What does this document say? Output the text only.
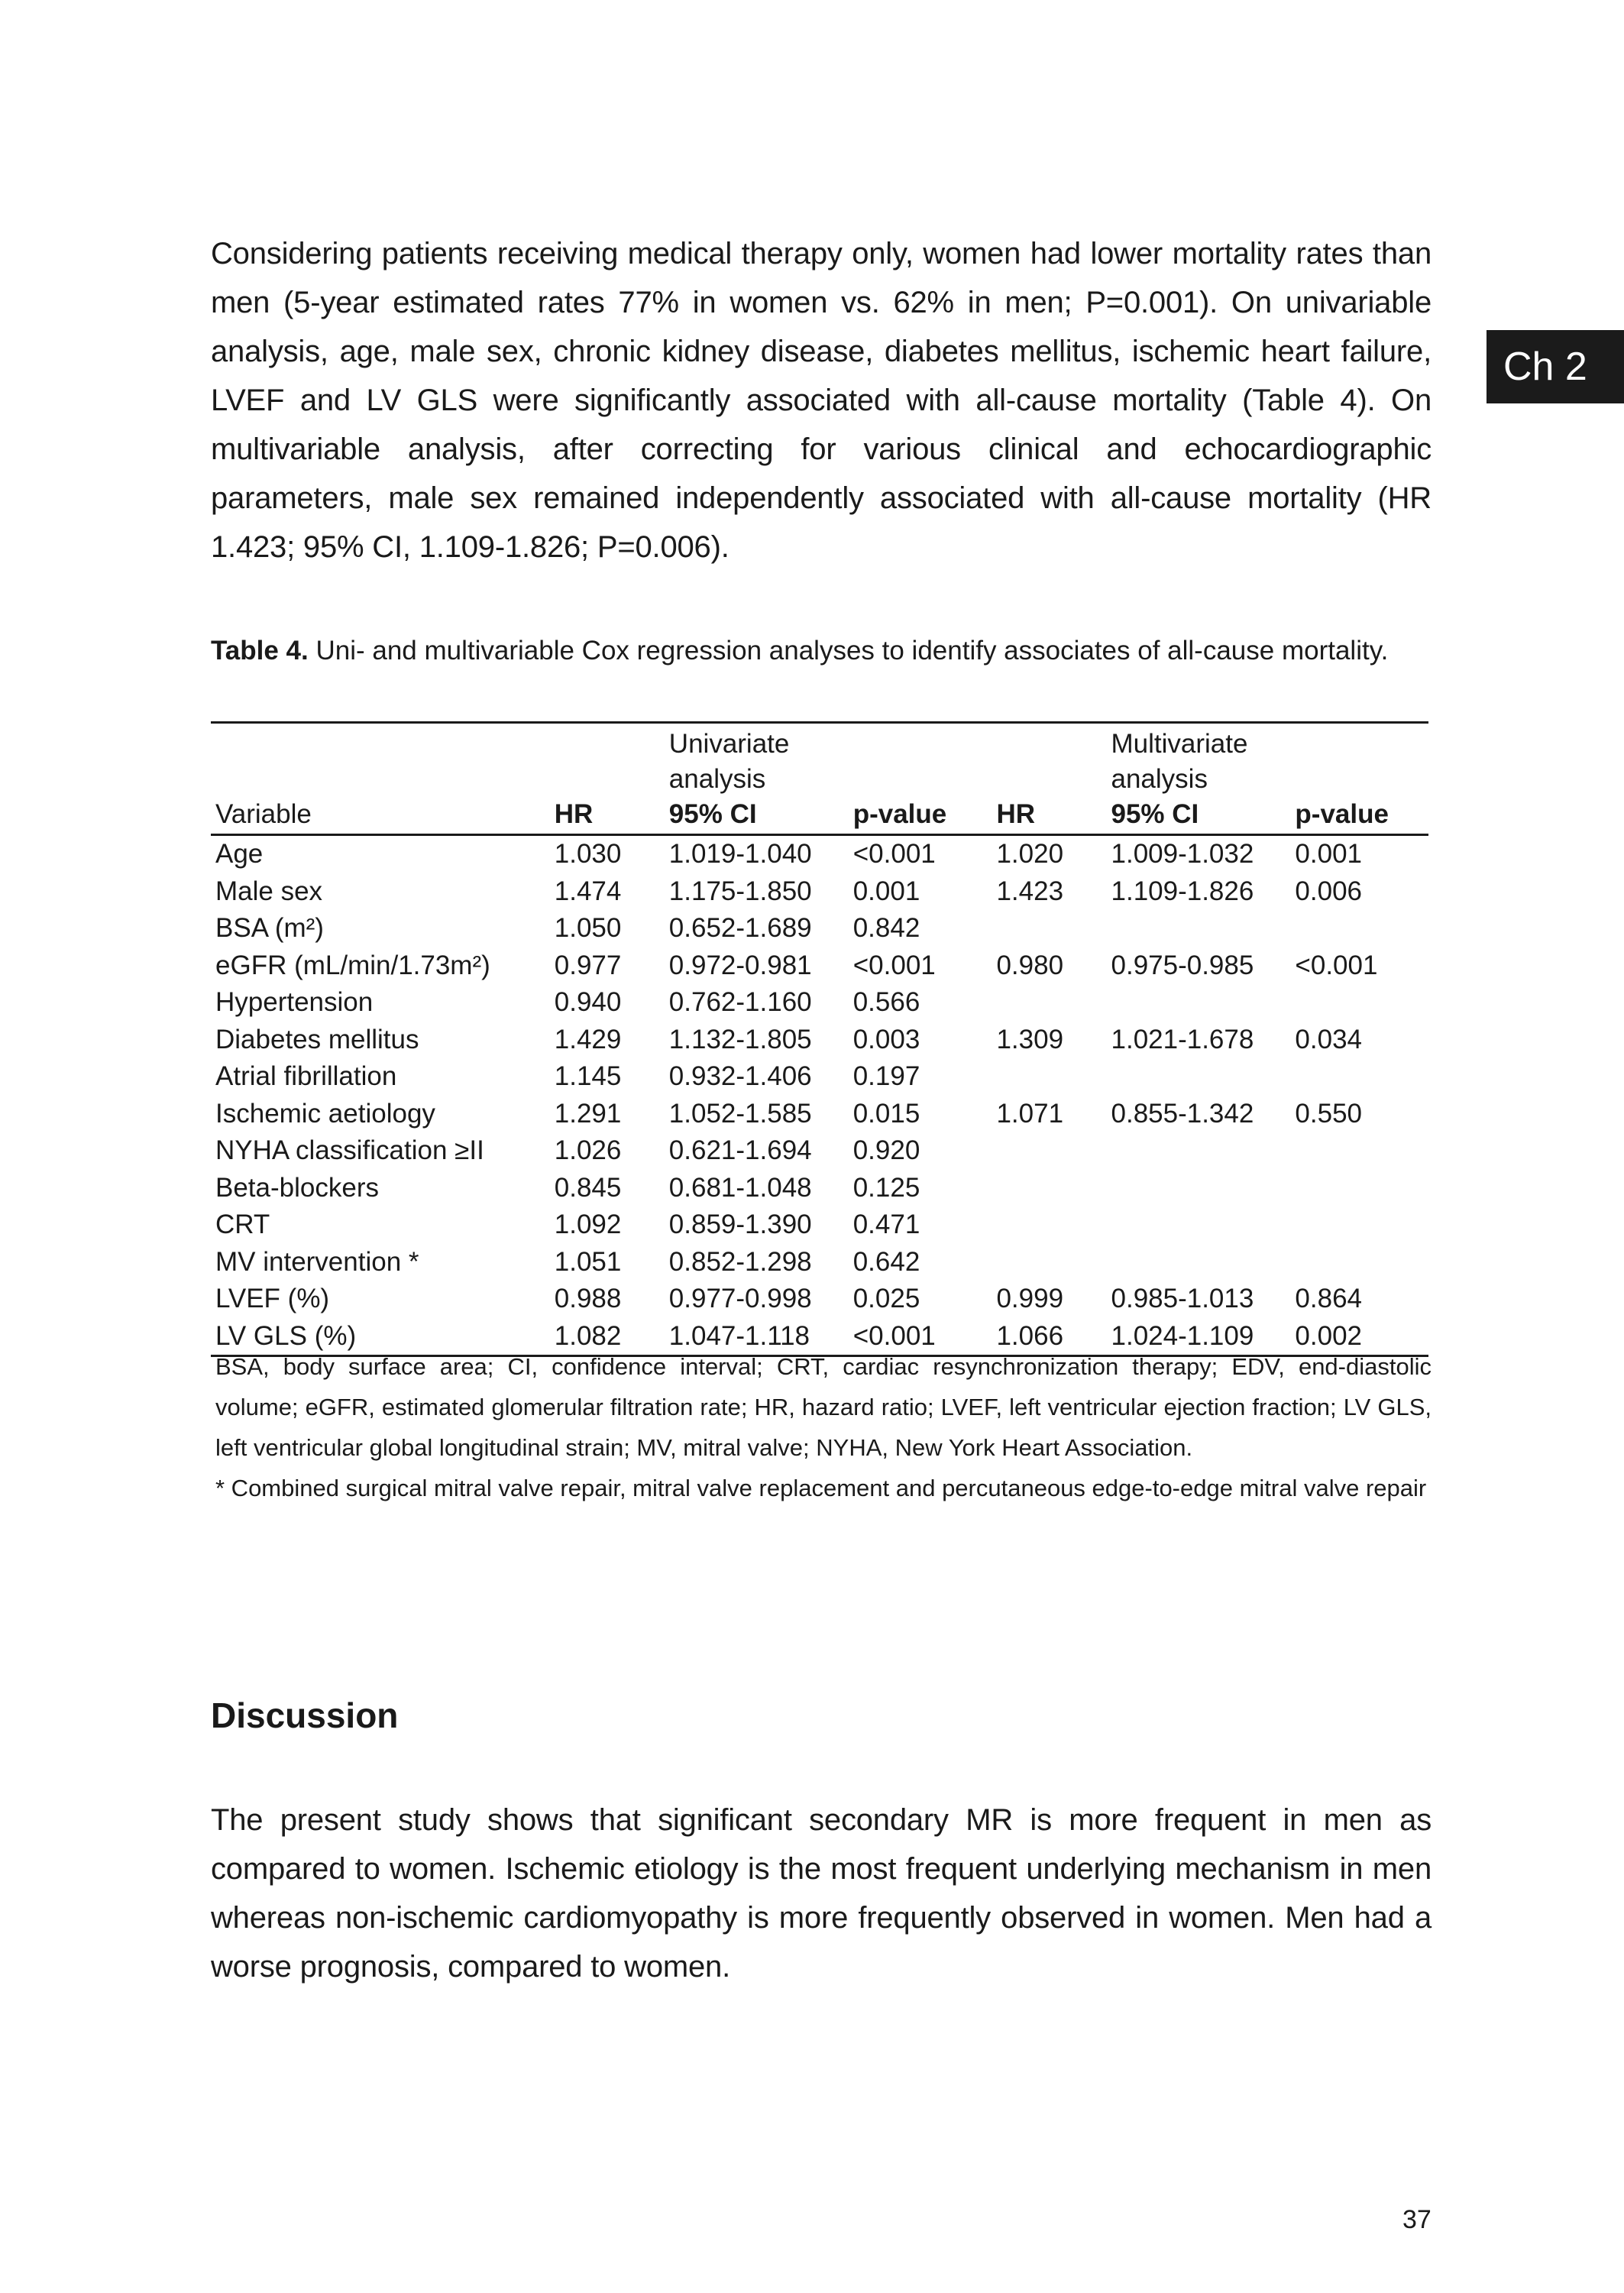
Considering patients receiving medical therapy only, women had lower mortality rates than men (5-year estimated rates 77% in women vs. 62% in men; P=0.001). On univariable analysis, age, male sex, chronic kidney disease, diabetes mellitus, ischemic heart failure, LVEF and LV GLS were significantly associated with all-cause mortality (Table 4). On multivariable analysis, after correcting for various clinical and echocardiographic parameters, male sex remained independently associated with all-cause mortality (HR 1.423; 95% CI, 1.109-1.826; P=0.006).

Ch 2

Table 4. Uni- and multivariable Cox regression analyses to identify associates of all-cause mortality.

		Univariate analysis			Multivariate analysis	
Variable	HR	95% CI	p-value	HR	95% CI	p-value
Age	1.030	1.019-1.040	<0.001	1.020	1.009-1.032	0.001
Male sex	1.474	1.175-1.850	0.001	1.423	1.109-1.826	0.006
BSA (m²)	1.050	0.652-1.689	0.842			
eGFR (mL/min/1.73m²)	0.977	0.972-0.981	<0.001	0.980	0.975-0.985	<0.001
Hypertension	0.940	0.762-1.160	0.566			
Diabetes mellitus	1.429	1.132-1.805	0.003	1.309	1.021-1.678	0.034
Atrial fibrillation	1.145	0.932-1.406	0.197			
Ischemic aetiology	1.291	1.052-1.585	0.015	1.071	0.855-1.342	0.550
NYHA classification ≥II	1.026	0.621-1.694	0.920			
Beta-blockers	0.845	0.681-1.048	0.125			
CRT	1.092	0.859-1.390	0.471			
MV intervention *	1.051	0.852-1.298	0.642			
LVEF (%)	0.988	0.977-0.998	0.025	0.999	0.985-1.013	0.864
LV GLS (%)	1.082	1.047-1.118	<0.001	1.066	1.024-1.109	0.002

BSA, body surface area; CI, confidence interval; CRT, cardiac resynchronization therapy; EDV, end-diastolic volume; eGFR, estimated glomerular filtration rate; HR, hazard ratio; LVEF, left ventricular ejection fraction; LV GLS, left ventricular global longitudinal strain; MV, mitral valve; NYHA, New York Heart Association.

* Combined surgical mitral valve repair, mitral valve replacement and percutaneous edge-to-edge mitral valve repair

Discussion

The present study shows that significant secondary MR is more frequent in men as compared to women. Ischemic etiology is the most frequent underlying mechanism in men whereas non-ischemic cardiomyopathy is more frequently observed in women. Men had a worse prognosis, compared to women.

37
